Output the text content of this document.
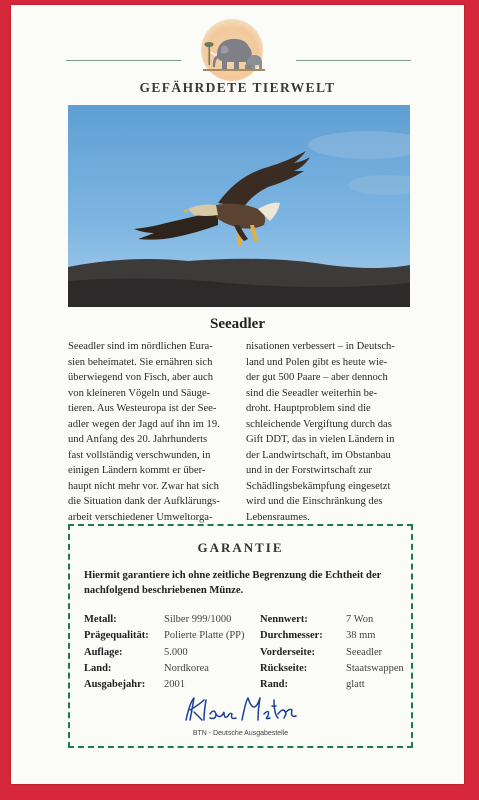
GEFÄHRDETE TIERWELT
Seeadler

Seeadler sind im nördlichen Eura-

sien beheimatet. Sie ernähren sich

überwiegend von Fisch, aber auch

von kleineren Vögeln und Säuge-

tieren. Aus Westeuropa ist der See-

adler wegen der Jagd auf ihn im 19.

und Anfang des 20. Jahrhunderts

fast vollständig verschwunden, in

einigen Ländern kommt er über-

haupt nicht mehr vor. Zwar hat sich

die Situation dank der Aufklärungs-

arbeit verschiedener Umweltorga-

nisationen verbessert – in Deutsch-

land und Polen gibt es heute wie-

der gut 500 Paare – aber dennoch

sind die Seeadler weiterhin be-

droht. Hauptproblem sind die

schleichende Vergiftung durch das

Gift DDT, das in vielen Ländern in

der Landwirtschaft, im Obstanbau

und in der Forstwirtschaft zur

Schädlingsbekämpfung eingesetzt

wird und die Einschränkung des

Lebensraumes.

GARANTIE
Hiermit garantiere ich ohne zeitliche Begrenzung die Echtheit der
nachfolgend beschriebenen Münze.
Metall:	Silber 999/1000	Nennwert:	7 Won
Prägequalität: Polierte Platte (PP) Durchmesser: 38 mm
Auflage:	5.000	Vorderseite:	Seeadler
Land:	Nordkorea	Rückseite:	Staatswappen
Ausgabejahr: 2001	Rand:	glatt
BTN - Deutsche Ausgabestelle
